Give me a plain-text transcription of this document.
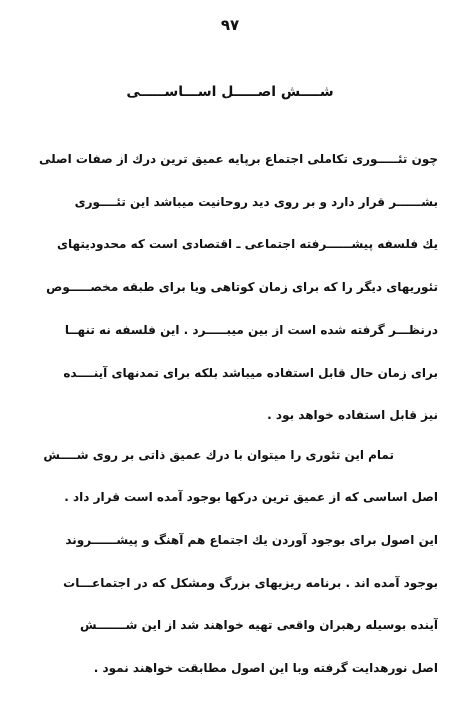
۹۷
شــــش اصـــــل اســـاســـــی
چون تئـــــوری تکاملی اجتماع برپایه عمیق ترین درك از صفات اصلی
بشــــــر قرار دارد و بر روی دید روحانیت میباشد این تئــــوری
یك فلسفه پیشــــــرفته اجتماعی ـ اقتصادی است که محدودیتهای
تئوریهای دیگر را که برای زمان کوتاهی ویا برای طبقه مخصـــــوص
درنظـــر گرفته شده است از بین میبـــــرد . این فلسفه نه تنهــا
برای زمان حال قابل استفاده میباشد بلکه برای تمدنهای آینــــده
نیز قابل استفاده خواهد بود .
تمام این تئوری را میتوان با درك عمیق ذاتی بر روی شــــش
اصل اساسی که از عمیق ترین درکها بوجود آمده است قرار داد .
این اصول برای بوجود آوردن یك اجتماع هم آهنگ و پیشــــــروند
بوجود آمده اند . برنامه ریزیهای بزرگ ومشکل که در اجتماعـــات
آینده بوسیله رهبران واقعی تهیه خواهند شد از این شـــــــش
اصل نورهدایت گرفته وبا این اصول مطابقت خواهند نمود .
